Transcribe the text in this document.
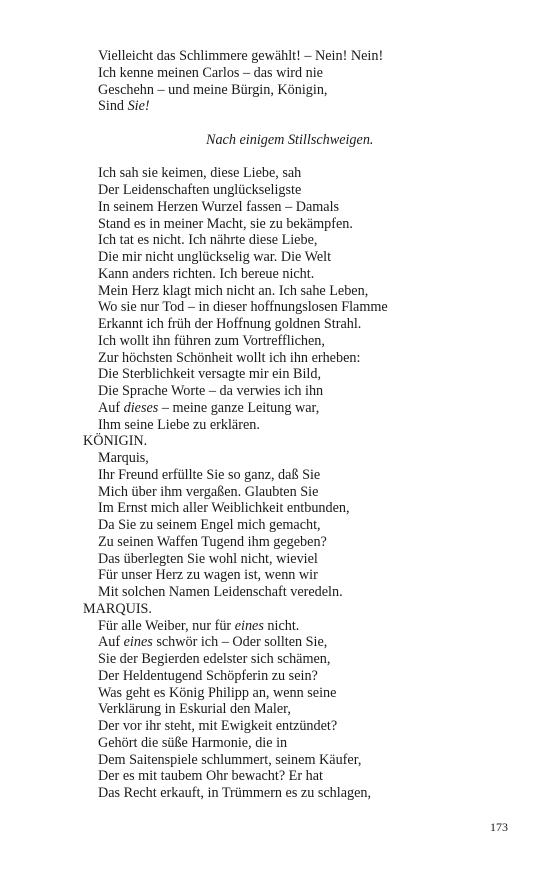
Vielleicht das Schlimmere gewählt! – Nein! Nein!
Ich kenne meinen Carlos – das wird nie
Geschehn – und meine Bürgin, Königin,
Sind Sie!
Nach einigem Stillschweigen.
Ich sah sie keimen, diese Liebe, sah
Der Leidenschaften unglückseligste
In seinem Herzen Wurzel fassen – Damals
Stand es in meiner Macht, sie zu bekämpfen.
Ich tat es nicht. Ich nährte diese Liebe,
Die mir nicht unglückselig war. Die Welt
Kann anders richten. Ich bereue nicht.
Mein Herz klagt mich nicht an. Ich sahe Leben,
Wo sie nur Tod – in dieser hoffnungslosen Flamme
Erkannt ich früh der Hoffnung goldnen Strahl.
Ich wollt ihn führen zum Vortrefflichen,
Zur höchsten Schönheit wollt ich ihn erheben:
Die Sterblichkeit versagte mir ein Bild,
Die Sprache Worte – da verwies ich ihn
Auf dieses – meine ganze Leitung war,
Ihm seine Liebe zu erklären.
KÖNIGIN.
Marquis,
Ihr Freund erfüllte Sie so ganz, daß Sie
Mich über ihm vergaßen. Glaubten Sie
Im Ernst mich aller Weiblichkeit entbunden,
Da Sie zu seinem Engel mich gemacht,
Zu seinen Waffen Tugend ihm gegeben?
Das überlegten Sie wohl nicht, wieviel
Für unser Herz zu wagen ist, wenn wir
Mit solchen Namen Leidenschaft veredeln.
MARQUIS.
Für alle Weiber, nur für eines nicht.
Auf eines schwör ich – Oder sollten Sie,
Sie der Begierden edelster sich schämen,
Der Heldentugend Schöpferin zu sein?
Was geht es König Philipp an, wenn seine
Verklärung in Eskurial den Maler,
Der vor ihr steht, mit Ewigkeit entzündet?
Gehört die süße Harmonie, die in
Dem Saitenspiele schlummert, seinem Käufer,
Der es mit taubem Ohr bewacht? Er hat
Das Recht erkauft, in Trümmern es zu schlagen,
173
